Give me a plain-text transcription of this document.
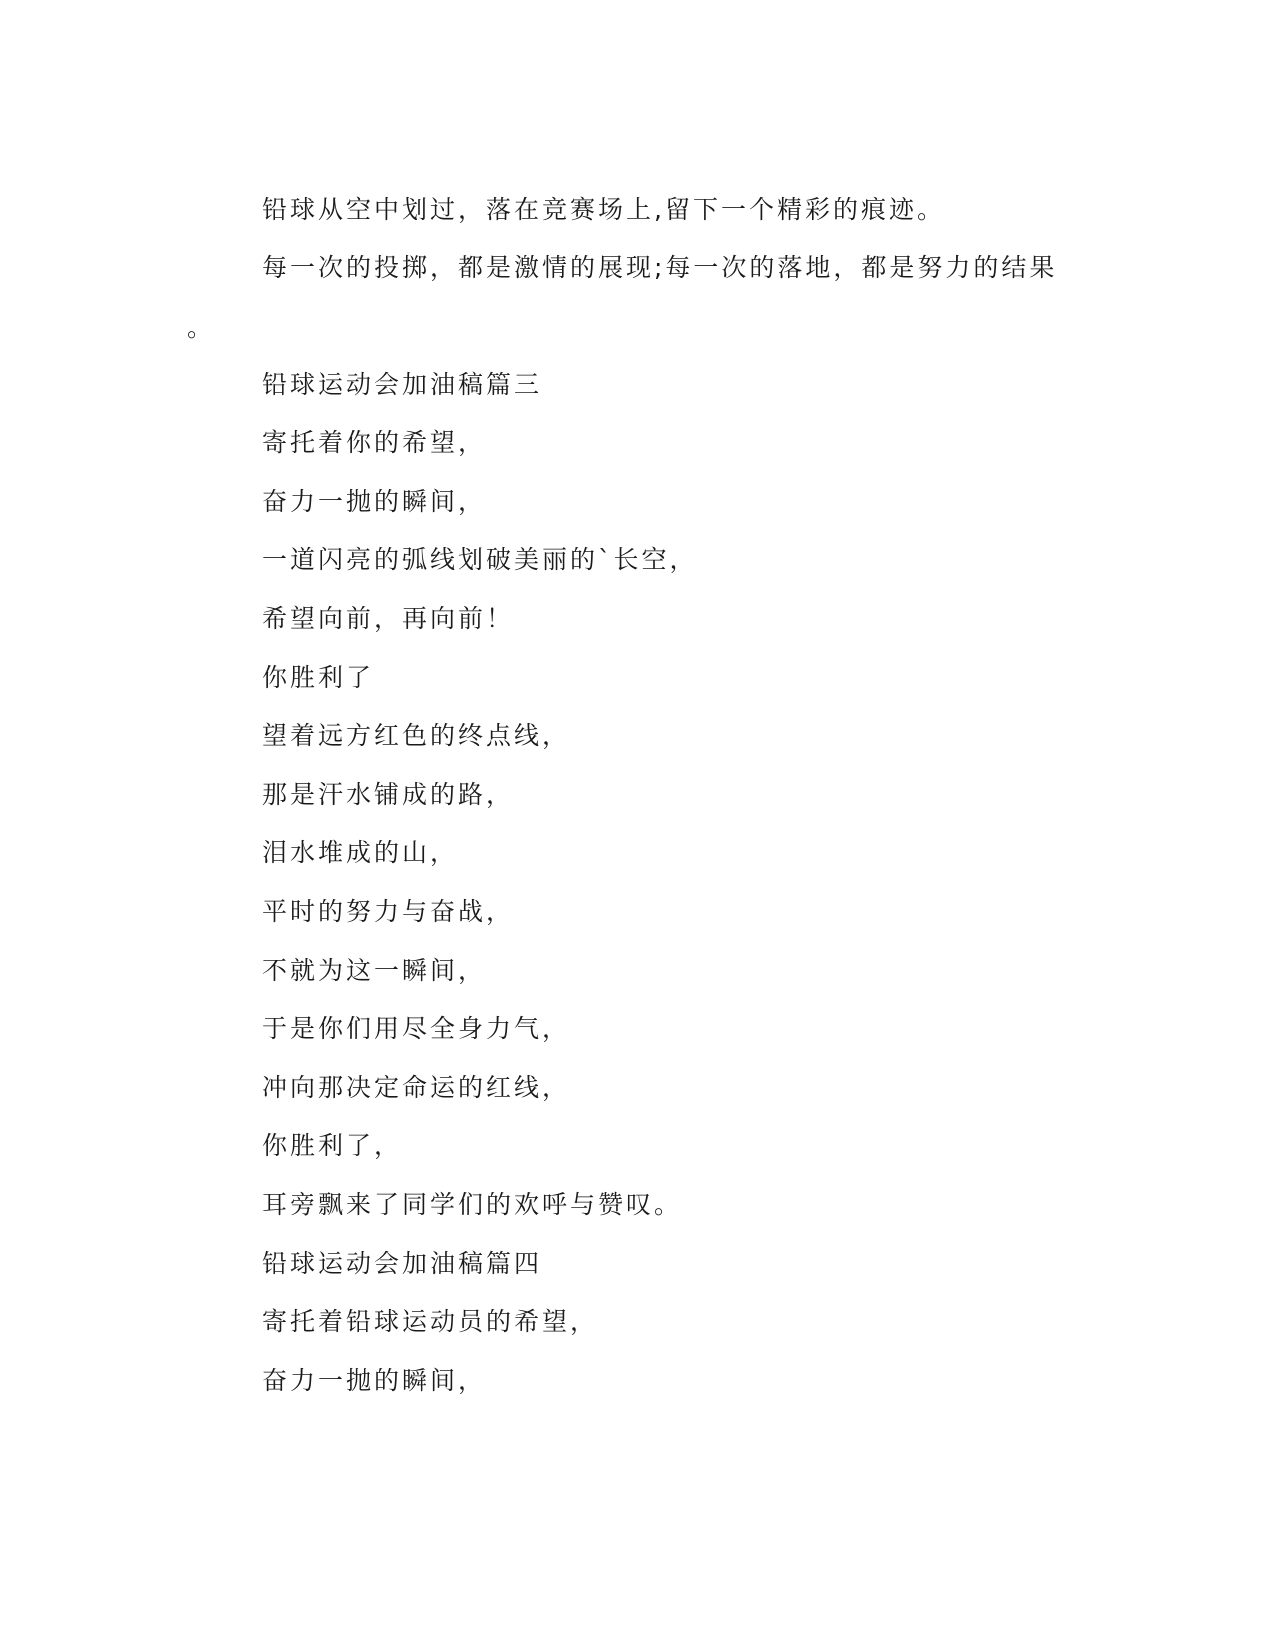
铅球从空中划过，落在竞赛场上,留下一个精彩的痕迹。

每一次的投掷，都是激情的展现;每一次的落地，都是努力的结果

。

铅球运动会加油稿篇三

寄托着你的希望，

奋力一抛的瞬间，

一道闪亮的弧线划破美丽的`长空，

希望向前，再向前！

你胜利了

望着远方红色的终点线，

那是汗水铺成的路，

泪水堆成的山，

平时的努力与奋战，

不就为这一瞬间，

于是你们用尽全身力气，

冲向那决定命运的红线，

你胜利了，

耳旁飘来了同学们的欢呼与赞叹。

铅球运动会加油稿篇四

寄托着铅球运动员的希望，

奋力一抛的瞬间，
